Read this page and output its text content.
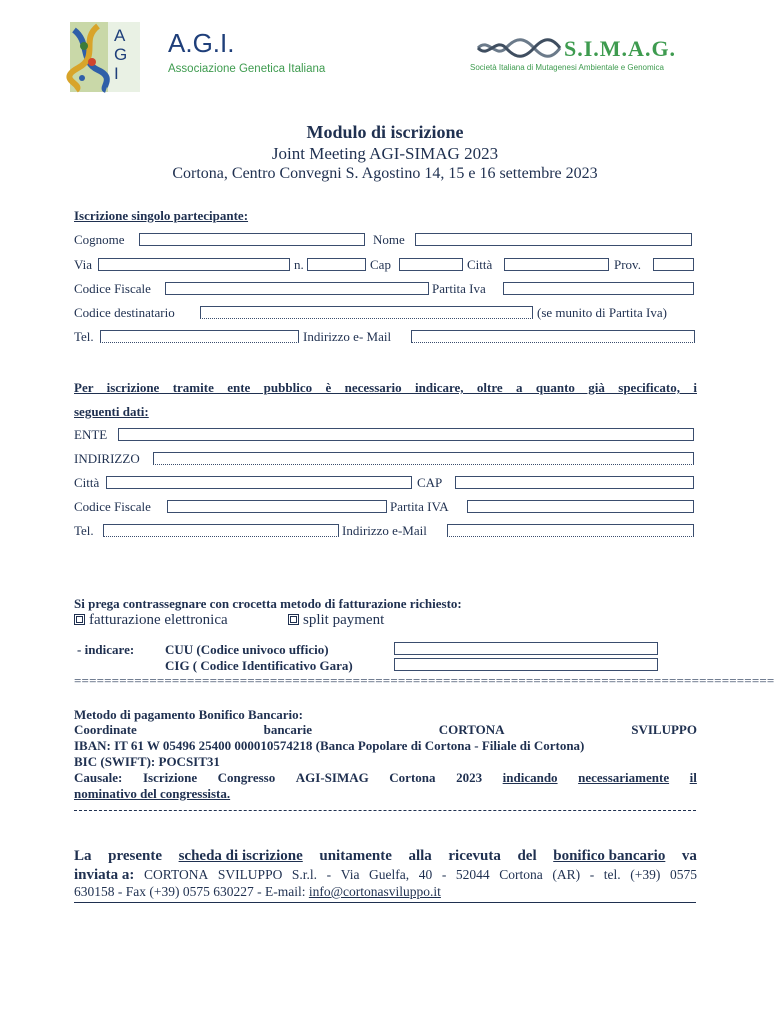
A
G
I
A.G.I.
Associazione Genetica Italiana
S.I.M.A.G.
Società Italiana di Mutagenesi Ambientale e Genomica
Modulo di iscrizione
Joint Meeting AGI-SIMAG 2023
Cortona, Centro Convegni S. Agostino 14, 15 e 16 settembre 2023
Iscrizione singolo partecipante:
Cognome	Nome
Via	n.	Cap	Città	Prov.
Codice Fiscale	Partita Iva
Codice destinatario	(se munito di Partita Iva)
Tel.	Indirizzo e- Mail
Per iscrizione tramite ente pubblico è necessario indicare, oltre a quanto già specificato, i
seguenti dati:
ENTE
INDIRIZZO
Città	CAP
Codice Fiscale	Partita IVA
Tel.	Indirizzo e-Mail
Si prega contrassegnare con crocetta metodo di fatturazione richiesto:
fatturazione elettronica	split payment
- indicare: CUU (Codice univoco ufficio)
CIG ( Codice Identificativo Gara)
=============================================================================================
Metodo di pagamento Bonifico Bancario:
Coordinate	bancarie	CORTONA	SVILUPPO
IBAN: IT 61 W 05496 25400 000010574218 (Banca Popolare di Cortona - Filiale di Cortona)
BIC (SWIFT): POCSIT31
Causale: Iscrizione Congresso AGI-SIMAG Cortona 2023 indicando necessariamente il
nominativo del congressista.
La presente scheda di iscrizione unitamente alla ricevuta del bonifico bancario va
inviata a: CORTONA SVILUPPO S.r.l. - Via Guelfa, 40 - 52044 Cortona (AR) - tel. (+39) 0575
630158 - Fax (+39) 0575 630227 - E-mail: info@cortonasviluppo.it
